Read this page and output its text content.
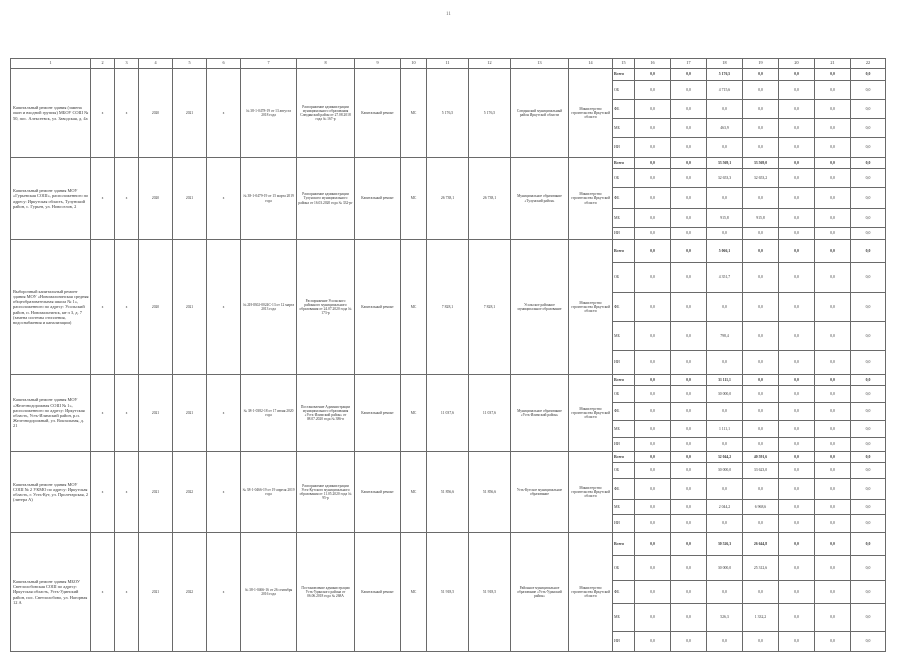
11
1	2	3	4	5	6	7	8	9	10	11	12	13	14	15	16	17	18	19	20	21	22
Капитальный ремонт здания (замена окон и входной группы) МБОУ СОШ № 50, пос. Алексеевск, ул. Заводская, д. 4а	х	х	2020	2021	х	№ 38-1-0478-19 от 13 августа 2018 года	Распоряжение администрации муниципального образования Слюдянский район от 27.08.2018 года № 167-р	Капитальный ремонт	МС	5 176,5	5 176,5	Слюдянский муниципальный район Иркутской области	Министерство строительства Иркутской области	Всего	0,0	0,0	5 176,5	0,0	0,0	0,0	0,0
														ОБ	0,0	0,0	4 715,6	0,0	0,0	0,0	0,0
														ФБ	0,0	0,0	0,0	0,0	0,0	0,0	0,0
														МБ	0,0	0,0	463,9	0,0	0,0	0,0	0,0
														ИИ	0,0	0,0	0,0	0,0	0,0	0,0	0,0
Капитальный ремонт здания МОУ «Гурьевская СОШ», расположенного по адресу: Иркутская область, Тулунский район, с. Гурьев, ул. Новоселов, 2	х	х	2020	2021	х	№ 38-1-0479-19 от 15 марта 2019 года	Распоряжение администрации Тулунского муниципального района от 16.03.2020 года № 332-рг	Капитальный ремонт	МС	26 738,1	26 738,1	Муниципальное образование «Тулунский район»	Министерство строительства Иркутской области	Всего	0,0	0,0	33 569,1	33 569,0	0,0	0,0	0,0
														ОБ	0,0	0,0	32 653,3	32 653,2	0,0	0,0	0,0
														ФБ	0,0	0,0	0,0	0,0	0,0	0,0	0,0
														МБ	0,0	0,0	915,8	915,8	0,0	0,0	0,0
														ИИ	0,0	0,0	0,0	0,0	0,0	0,0	0,0
Выборочный капитальный ремонт здания МОУ «Новомальтинская средняя общеобразовательная школа № 1», расположенного по адресу: Усольский район, п. Новомальтинск, кв-л 3, д. 7 (замена системы отопления, водоснабжения и канализации)	х	х	2020	2021	х	№ 2И-0302-0024С-13 от 12 марта 2013 года	Распоряжение Усольского районного муниципального образования от 24.07.2020 года № 173-р	Капитальный ремонт	МС	7 828,1	7 828,1	Усольское районное муниципальное образование	Министерство строительства Иркутской области	Всего	0,0	0,0	5 066,1	0,0	0,0	0,0	0,0
														ОБ	0,0	0,0	4 351,7	0,0	0,0	0,0	0,0
														ФБ	0,0	0,0	0,0	0,0	0,0	0,0	0,0
														МБ	0,0	0,0	798,4	0,0	0,0	0,0	0,0
														ИИ	0,0	0,0	0,0	0,0	0,0	0,0	0,0
Капитальный ремонт здания МОУ «Железнодорожная СОШ № 1», расположенного по адресу: Иркутская область, Усть-Илимский район, р.п. Железнодорожный, ул. Вокзальная, д. 21	х	х	2021	2021	х	№ 38-1-0382-18 от 17 июня 2020 года	Постановление Администрации муниципального образования «Усть-Илимский район» от 08.07.2020 года № 386-п	Капитальный ремонт	МС	11 037,6	11 037,6	Муниципальное образование «Усть-Илимский район»	Министерство строительства Иркутской области	Всего	0,0	0,0	31 111,1	0,0	0,0	0,0	0,0
														ОБ	0,0	0,0	30 000,0	0,0	0,0	0,0	0,0
														ФБ	0,0	0,0	0,0	0,0	0,0	0,0	0,0
														МБ	0,0	0,0	1 111,1	0,0	0,0	0,0	0,0
														ИИ	0,0	0,0	0,0	0,0	0,0	0,0	0,0
Капитальный ремонт здания МОУ СОШ № 2 УКМО по адресу: Иркутская область, г. Усть-Кут, ул. Пролетарская, 2 (литера А)	х	х	2021	2022	х	№ 38-1-0466-19 от 19 апреля 2019 года	Распоряжение администрации Усть-Кутского муниципального образования от 11.05.2020 года № 95-р	Капитальный ремонт	МС	51 856,6	51 856,6	Усть-Кутское муниципальное образование	Министерство строительства Иркутской области	Всего	0,0	0,0	32 044,2	40 591,6	0,0	0,0	0,0
														ОБ	0,0	0,0	30 000,0	33 623,0	0,0	0,0	0,0
														ФБ	0,0	0,0	0,0	0,0	0,0	0,0	0,0
														МБ	0,0	0,0	2 044,2	6 968,6	0,0	0,0	0,0
														ИИ	0,0	0,0	0,0	0,0	0,0	0,0	0,0
Капитальный ремонт здания МБОУ Светлолобовская СОШ по адресу: Иркутская область, Усть-Удинский район, пос. Светлолобово, ул. Нагорная 12 А	х	х	2021	2022	х	№ 38-1-0466-16 от 26 сентября 2016 года	Постановление администрации Усть-Удинского района от 06.06.2018 года № 268А	Капитальный ремонт	МС	51 918,5	51 918,5	Районное муниципальное образование «Усть-Удинский район»	Министерство строительства Иркутской области	Всего	0,0	0,0	30 526,3	26 644,8	0,0	0,0	0,0
														ОБ	0,0	0,0	30 000,0	25 312,6	0,0	0,0	0,0
														ФБ	0,0	0,0	0,0	0,0	0,0	0,0	0,0
														МБ	0,0	0,0	526,3	1 332,2	0,0	0,0	0,0
														ИИ	0,0	0,0	0,0	0,0	0,0	0,0	0,0
